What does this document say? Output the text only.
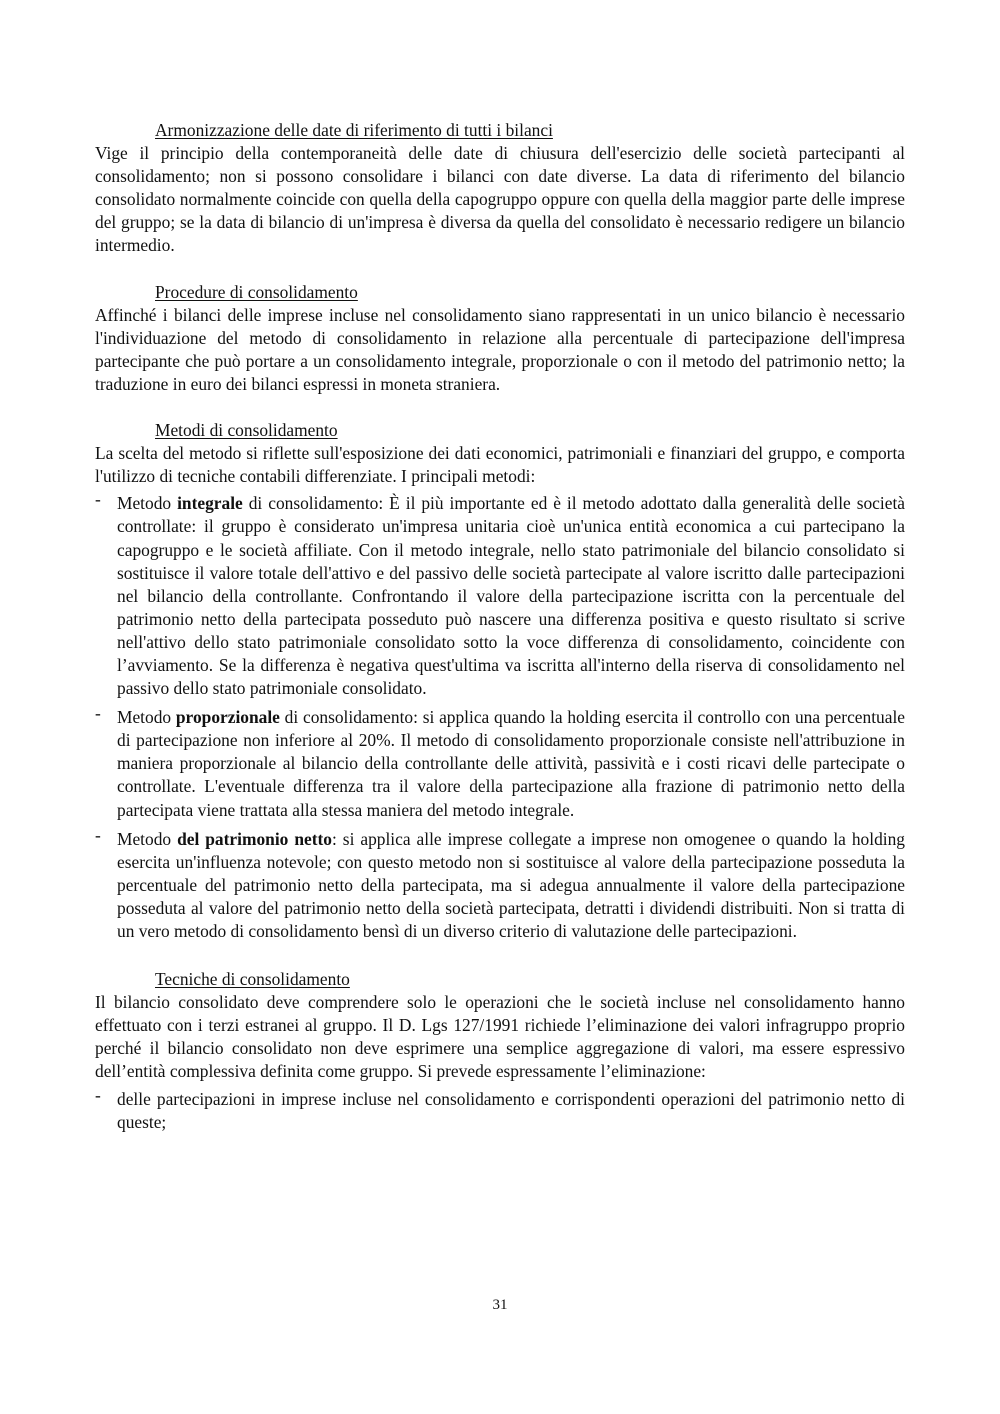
Armonizzazione delle date di riferimento di tutti i bilanci

Vige il principio della contemporaneità delle date di chiusura dell'esercizio delle società partecipanti al consolidamento; non si possono consolidare i bilanci con date diverse. La data di riferimento del bilancio consolidato normalmente coincide con quella della capogruppo oppure con quella della maggior parte delle imprese del gruppo; se la data di bilancio di un'impresa è diversa da quella del consolidato è necessario redigere un bilancio intermedio.

Procedure di consolidamento

Affinché i bilanci delle imprese incluse nel consolidamento siano rappresentati in un unico bilancio è necessario l'individuazione del metodo di consolidamento in relazione alla percentuale di partecipazione dell'impresa partecipante che può portare a un consolidamento integrale, proporzionale o con il metodo del patrimonio netto; la traduzione in euro dei bilanci espressi in moneta straniera.

Metodi di consolidamento

La scelta del metodo si riflette sull'esposizione dei dati economici, patrimoniali e finanziari del gruppo, e comporta l'utilizzo di tecniche contabili differenziate. I principali metodi:

- Metodo integrale di consolidamento: È il più importante ed è il metodo adottato dalla generalità delle società controllate: il gruppo è considerato un'impresa unitaria cioè un'unica entità economica a cui partecipano la capogruppo e le società affiliate. Con il metodo integrale, nello stato patrimoniale del bilancio consolidato si sostituisce il valore totale dell'attivo e del passivo delle società partecipate al valore iscritto dalle partecipazioni nel bilancio della controllante. Confrontando il valore della partecipazione iscritta con la percentuale del patrimonio netto della partecipata posseduto può nascere una differenza positiva e questo risultato si scrive nell'attivo dello stato patrimoniale consolidato sotto la voce differenza di consolidamento, coincidente con l’avviamento. Se la differenza è negativa quest'ultima va iscritta all'interno della riserva di consolidamento nel passivo dello stato patrimoniale consolidato.
- Metodo proporzionale di consolidamento: si applica quando la holding esercita il controllo con una percentuale di partecipazione non inferiore al 20%. Il metodo di consolidamento proporzionale consiste nell'attribuzione in maniera proporzionale al bilancio della controllante delle attività, passività e i costi ricavi delle partecipate o controllate. L'eventuale differenza tra il valore della partecipazione alla frazione di patrimonio netto della partecipata viene trattata alla stessa maniera del metodo integrale.
- Metodo del patrimonio netto: si applica alle imprese collegate a imprese non omogenee o quando la holding esercita un'influenza notevole; con questo metodo non si sostituisce al valore della partecipazione posseduta la percentuale del patrimonio netto della partecipata, ma si adegua annualmente il valore della partecipazione posseduta al valore del patrimonio netto della società partecipata, detratti i dividendi distribuiti. Non si tratta di un vero metodo di consolidamento bensì di un diverso criterio di valutazione delle partecipazioni.
Tecniche di consolidamento

Il bilancio consolidato deve comprendere solo le operazioni che le società incluse nel consolidamento hanno effettuato con i terzi estranei al gruppo. Il D. Lgs 127/1991 richiede l’eliminazione dei valori infragruppo proprio perché il bilancio consolidato non deve esprimere una semplice aggregazione di valori, ma essere espressivo dell’entità complessiva definita come gruppo. Si prevede espressamente l’eliminazione:

- delle partecipazioni in imprese incluse nel consolidamento e corrispondenti operazioni del patrimonio netto di queste;
31
